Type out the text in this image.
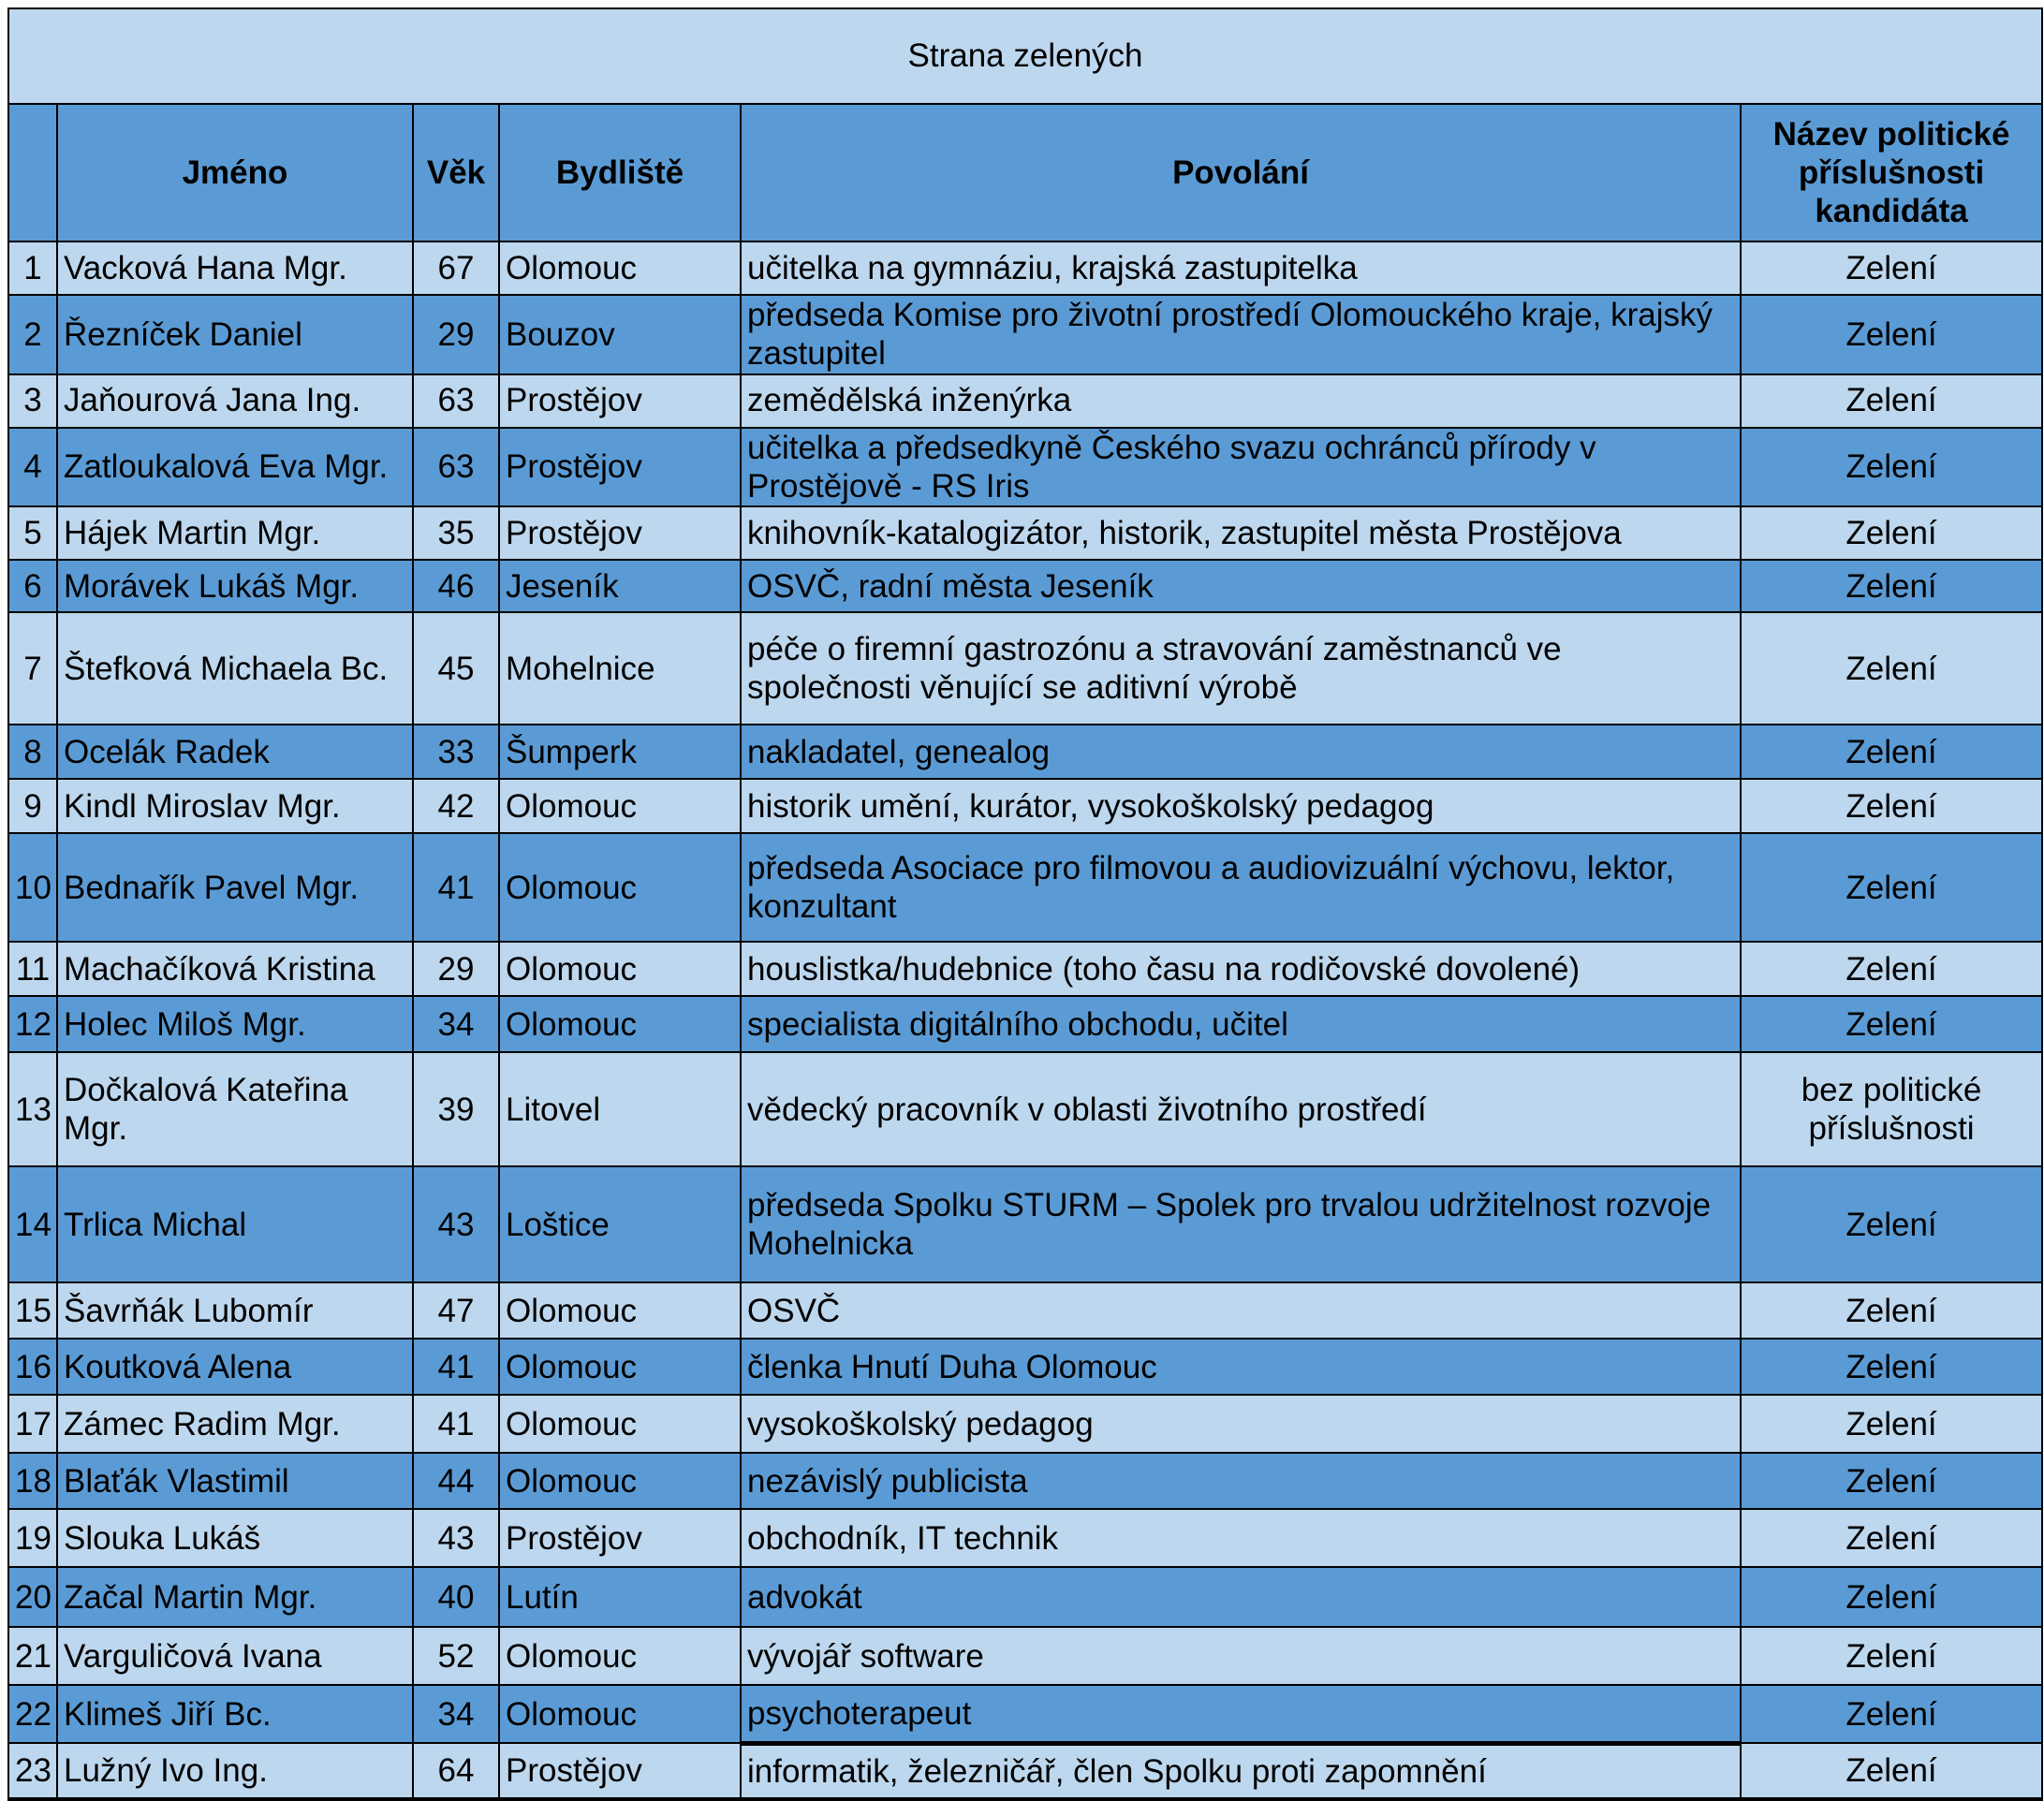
Strana zelených					
	Jméno	Věk	Bydliště	Povolání	Název politické příslušnosti kandidáta
1	Vacková Hana Mgr.	67	Olomouc	učitelka na gymnáziu, krajská zastupitelka	Zelení
2	Řezníček Daniel	29	Bouzov	předseda Komise pro životní prostředí Olomouckého kraje, krajský zastupitel	Zelení
3	Jaňourová Jana Ing.	63	Prostějov	zemědělská inženýrka	Zelení
4	Zatloukalová Eva Mgr.	63	Prostějov	učitelka a předsedkyně Českého svazu ochránců přírody v Prostějově - RS Iris	Zelení
5	Hájek Martin Mgr.	35	Prostějov	knihovník-katalogizátor, historik, zastupitel města Prostějova	Zelení
6	Morávek Lukáš Mgr.	46	Jeseník	OSVČ, radní města Jeseník	Zelení
7	Štefková Michaela Bc.	45	Mohelnice	péče o firemní gastrozónu a stravování zaměstnanců ve společnosti věnující se aditivní výrobě	Zelení
8	Ocelák Radek	33	Šumperk	nakladatel, genealog	Zelení
9	Kindl Miroslav Mgr.	42	Olomouc	historik umění, kurátor, vysokoškolský pedagog	Zelení
10	Bednařík Pavel Mgr.	41	Olomouc	předseda Asociace pro filmovou a audiovizuální výchovu, lektor, konzultant	Zelení
11	Machačíková Kristina	29	Olomouc	houslistka/hudebnice (toho času na rodičovské dovolené)	Zelení
12	Holec Miloš Mgr.	34	Olomouc	specialista digitálního obchodu, učitel	Zelení
13	Dočkalová Kateřina Mgr.	39	Litovel	vědecký pracovník v oblasti životního prostředí	bez politické příslušnosti
14	Trlica Michal	43	Loštice	předseda Spolku STURM – Spolek pro trvalou udržitelnost rozvoje Mohelnicka	Zelení
15	Šavrňák Lubomír	47	Olomouc	OSVČ	Zelení
16	Koutková Alena	41	Olomouc	členka Hnutí Duha Olomouc	Zelení
17	Zámec Radim Mgr.	41	Olomouc	vysokoškolský pedagog	Zelení
18	Blaťák Vlastimil	44	Olomouc	nezávislý publicista	Zelení
19	Slouka Lukáš	43	Prostějov	obchodník, IT technik	Zelení
20	Začal Martin Mgr.	40	Lutín	advokát	Zelení
21	Varguličová Ivana	52	Olomouc	vývojář software	Zelení
22	Klimeš Jiří Bc.	34	Olomouc	psychoterapeut	Zelení
23	Lužný Ivo Ing.	64	Prostějov	informatik, železničář, člen Spolku proti zapomnění	Zelení
